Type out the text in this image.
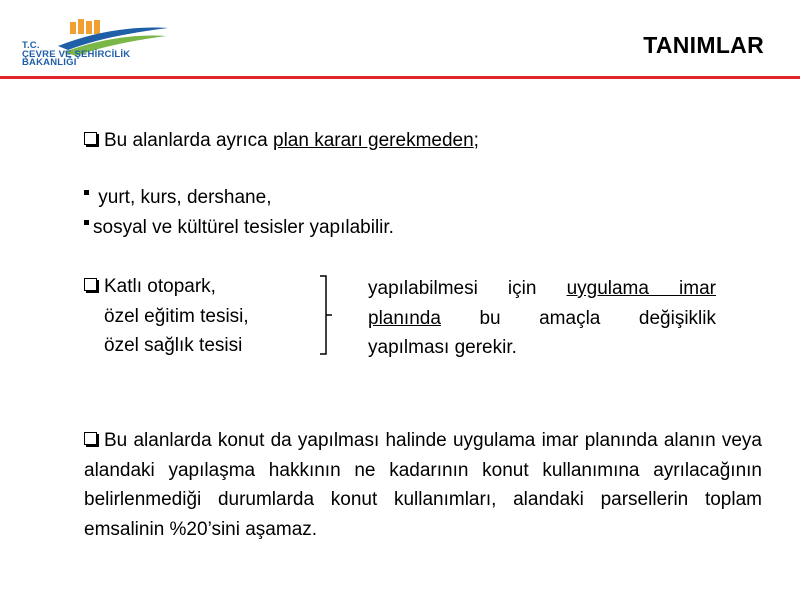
T.C.
ÇEVRE VE ŞEHİRCİLİK
BAKANLIĞI
TANIMLAR
Bu alanlarda ayrıca plan kararı gerekmeden;
yurt, kurs, dershane,
sosyal ve kültürel tesisler yapılabilir.
Katlı otopark,
özel eğitim tesisi,
özel sağlık tesisi
yapılabilmesi için uygulama imar
planında bu amaçla değişiklik
yapılması gerekir.
Bu alanlarda konut da yapılması halinde uygulama imar planında alanın veya alandaki yapılaşma hakkının ne kadarının konut kullanımına ayrılacağının belirlenmediği durumlarda konut kullanımları, alandaki parsellerin toplam emsalinin %20’sini aşamaz.
